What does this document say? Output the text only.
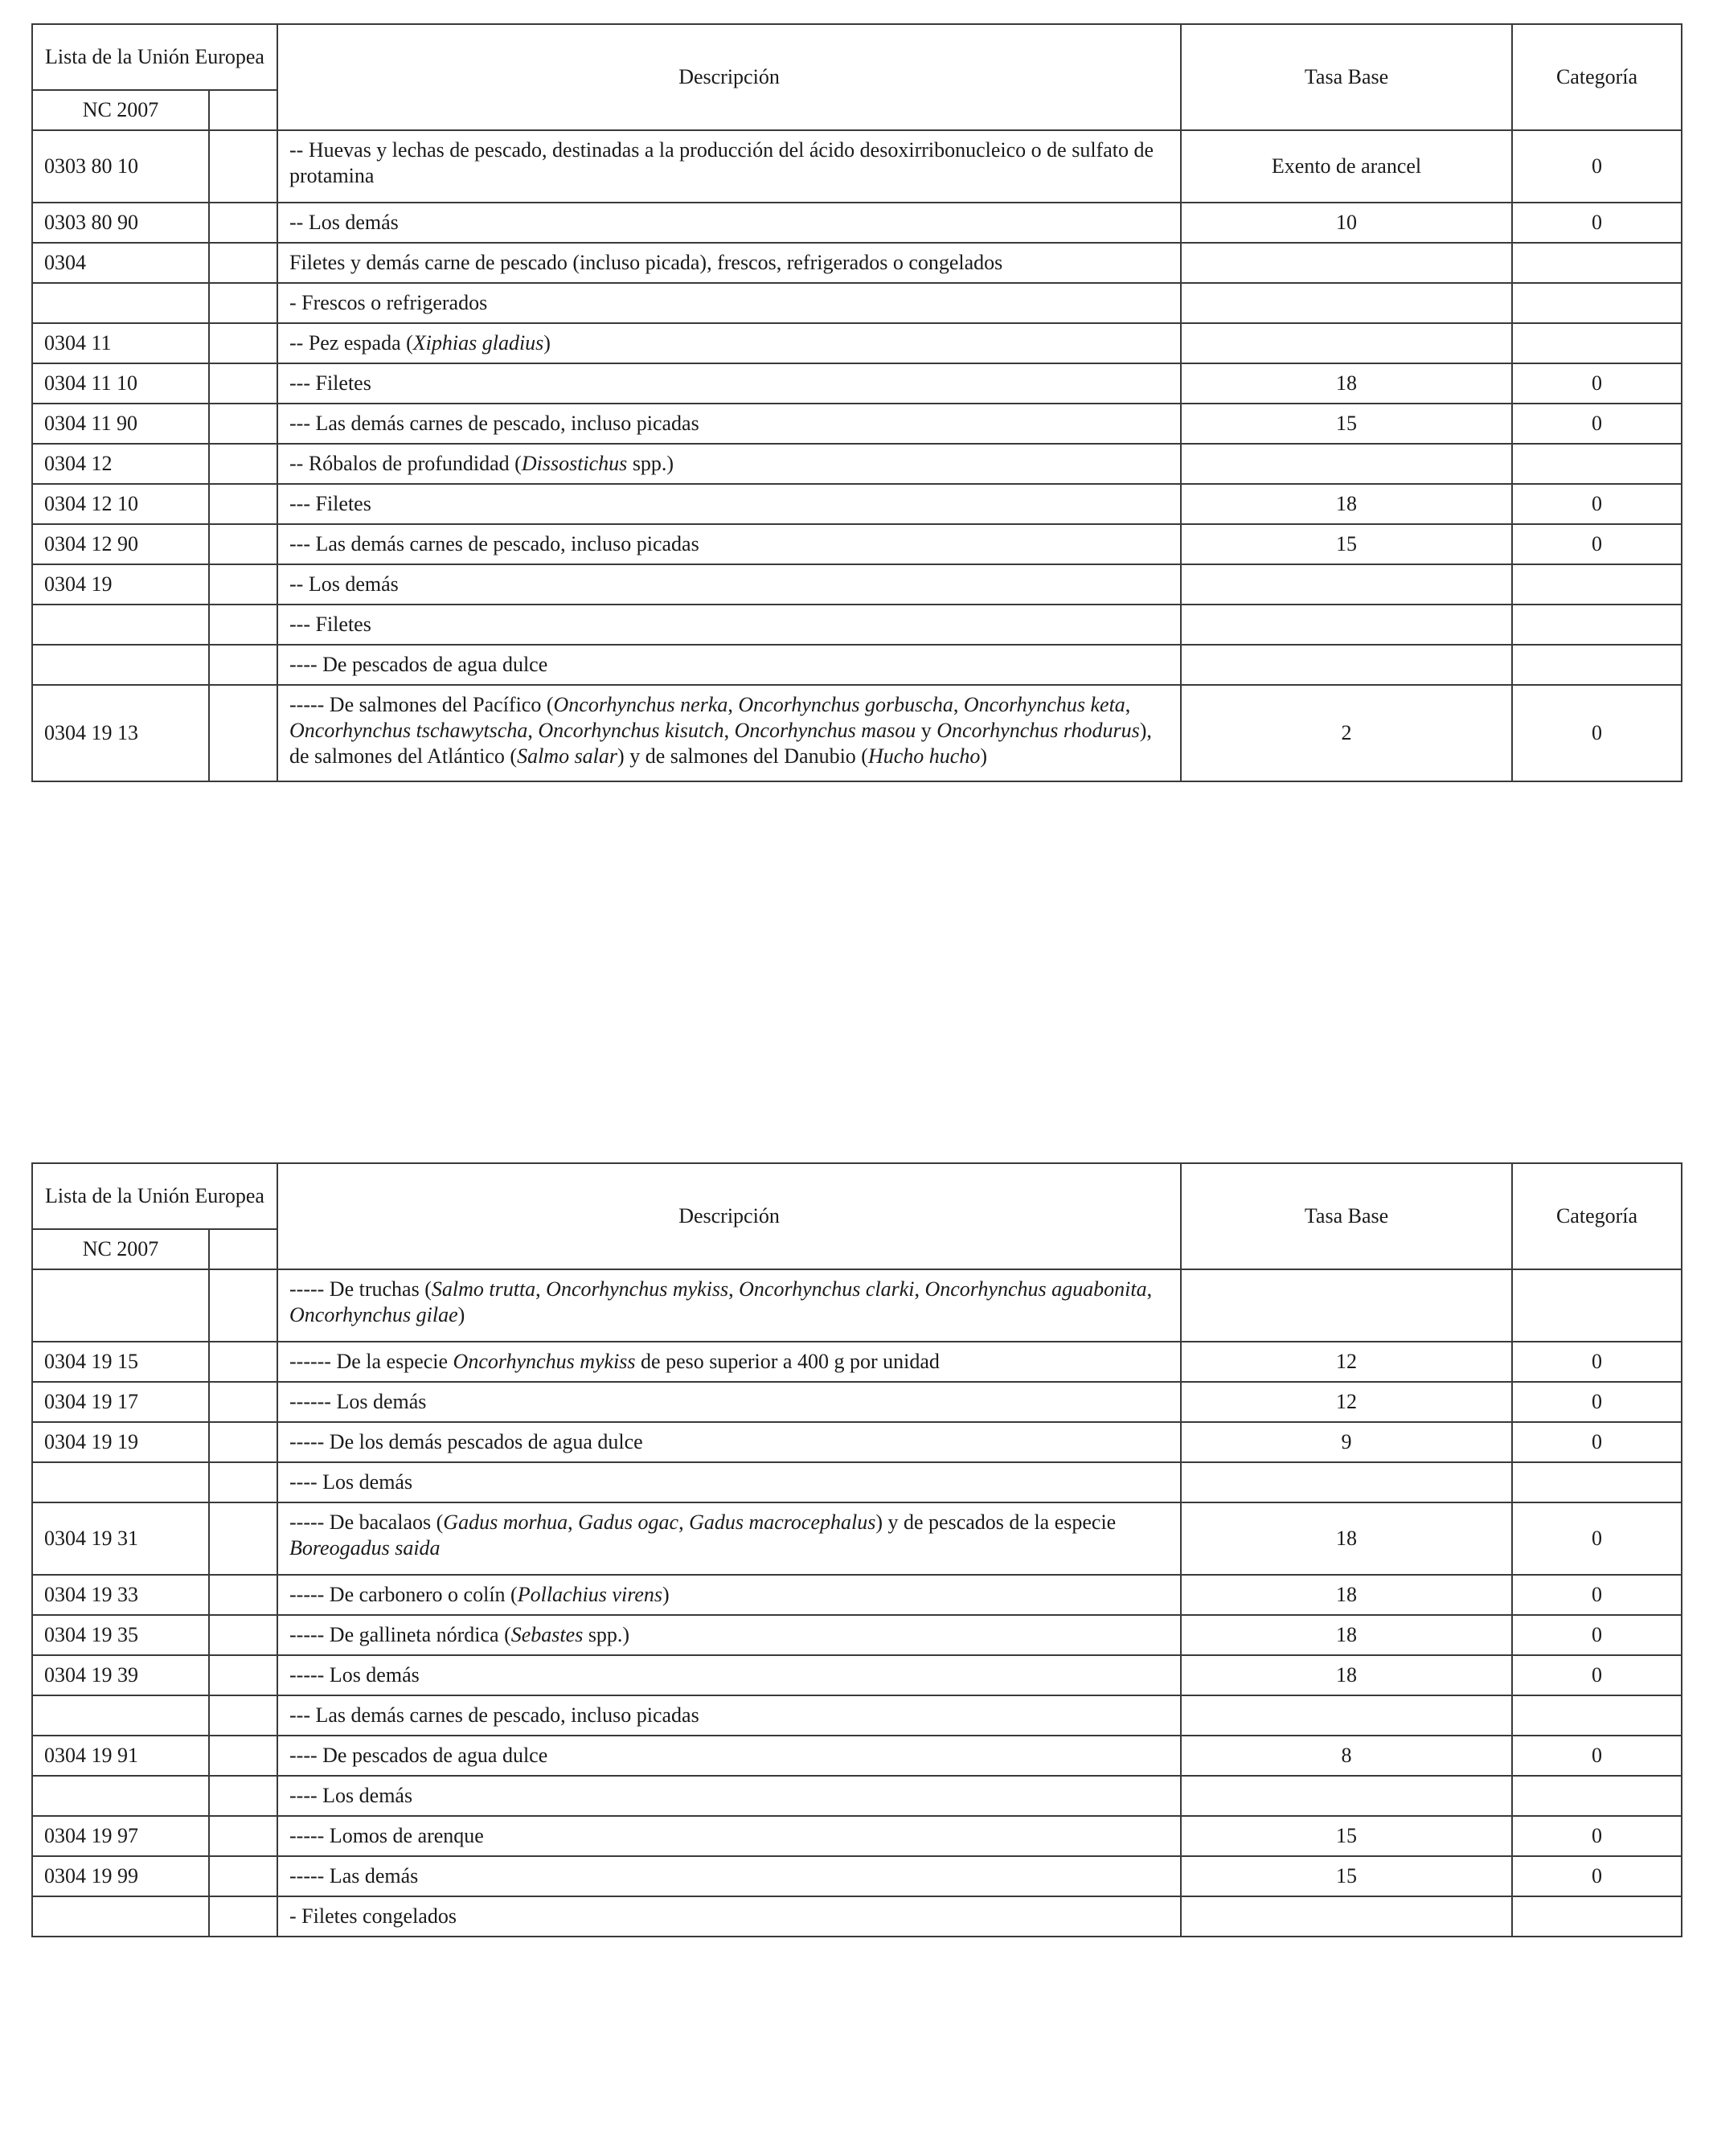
Lista de la Unión Europea		Descripción	Tasa Base	Categoría
NC 2007				
0303 80 10		-- Huevas y lechas de pescado, destinadas a la producción del ácido desoxirribonucleico o de sulfato de protamina	Exento de arancel	0
0303 80 90		-- Los demás	10	0
0304		Filetes y demás carne de pescado (incluso picada), frescos, refrigerados o congelados		
		- Frescos o refrigerados		
0304 11		-- Pez espada (Xiphias gladius)		
0304 11 10		--- Filetes	18	0
0304 11 90		--- Las demás carnes de pescado, incluso picadas	15	0
0304 12		-- Róbalos de profundidad (Dissostichus spp.)		
0304 12 10		--- Filetes	18	0
0304 12 90		--- Las demás carnes de pescado, incluso picadas	15	0
0304 19		-- Los demás		
		--- Filetes		
		---- De pescados de agua dulce		
0304 19 13		----- De salmones del Pacífico (Oncorhynchus nerka, Oncorhynchus gorbuscha, Oncorhynchus keta, Oncorhynchus tschawytscha, Oncorhynchus kisutch, Oncorhynchus masou y Oncorhynchus rhodurus), de salmones del Atlántico (Salmo salar) y de salmones del Danubio (Hucho hucho)	2	0
Lista de la Unión Europea		Descripción	Tasa Base	Categoría
NC 2007				
		----- De truchas (Salmo trutta, Oncorhynchus mykiss, Oncorhynchus clarki, Oncorhynchus aguabonita, Oncorhynchus gilae)		
0304 19 15		------ De la especie Oncorhynchus mykiss de peso superior a 400 g por unidad	12	0
0304 19 17		------ Los demás	12	0
0304 19 19		----- De los demás pescados de agua dulce	9	0
		---- Los demás		
0304 19 31		----- De bacalaos (Gadus morhua, Gadus ogac, Gadus macrocephalus) y de pescados de la especie Boreogadus saida	18	0
0304 19 33		----- De carbonero o colín (Pollachius virens)	18	0
0304 19 35		----- De gallineta nórdica (Sebastes spp.)	18	0
0304 19 39		----- Los demás	18	0
		--- Las demás carnes de pescado, incluso picadas		
0304 19 91		---- De pescados de agua dulce	8	0
		---- Los demás		
0304 19 97		----- Lomos de arenque	15	0
0304 19 99		----- Las demás	15	0
		- Filetes congelados		
